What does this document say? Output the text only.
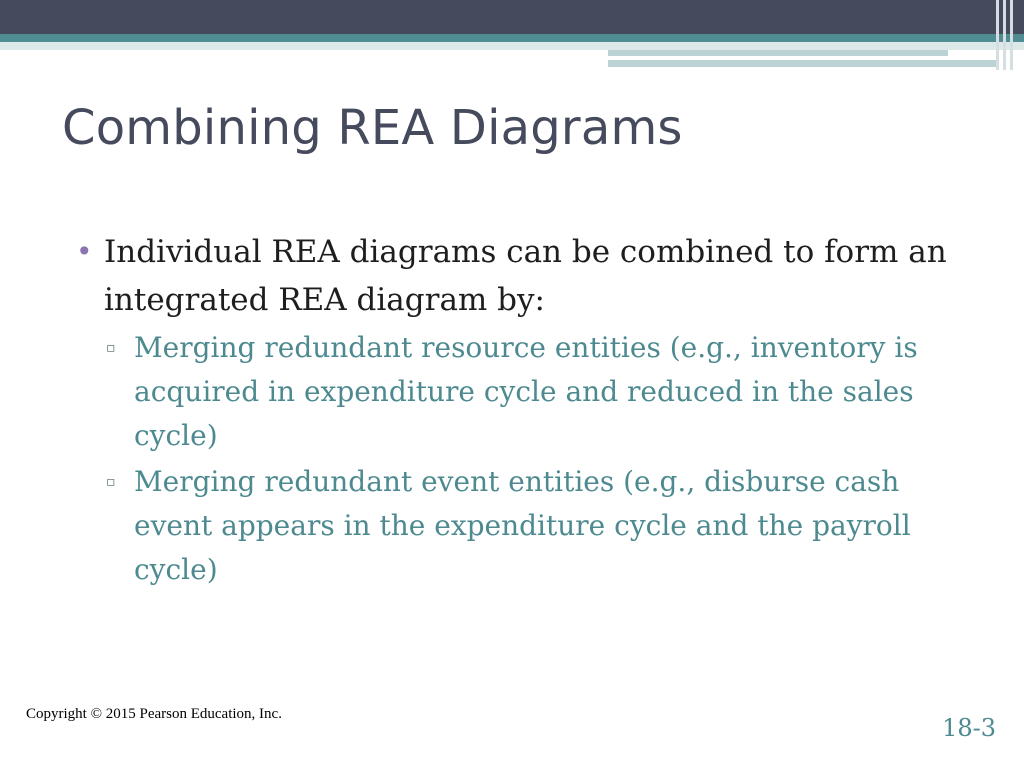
Combining REA Diagrams
• Individual REA diagrams can be combined to form an integrated REA diagram by:
▫ Merging redundant resource entities (e.g., inventory is acquired in expenditure cycle and reduced in the sales cycle)
▫ Merging redundant event entities (e.g., disburse cash event appears in the expenditure cycle and the payroll cycle)
Copyright © 2015 Pearson Education, Inc.	18-3
